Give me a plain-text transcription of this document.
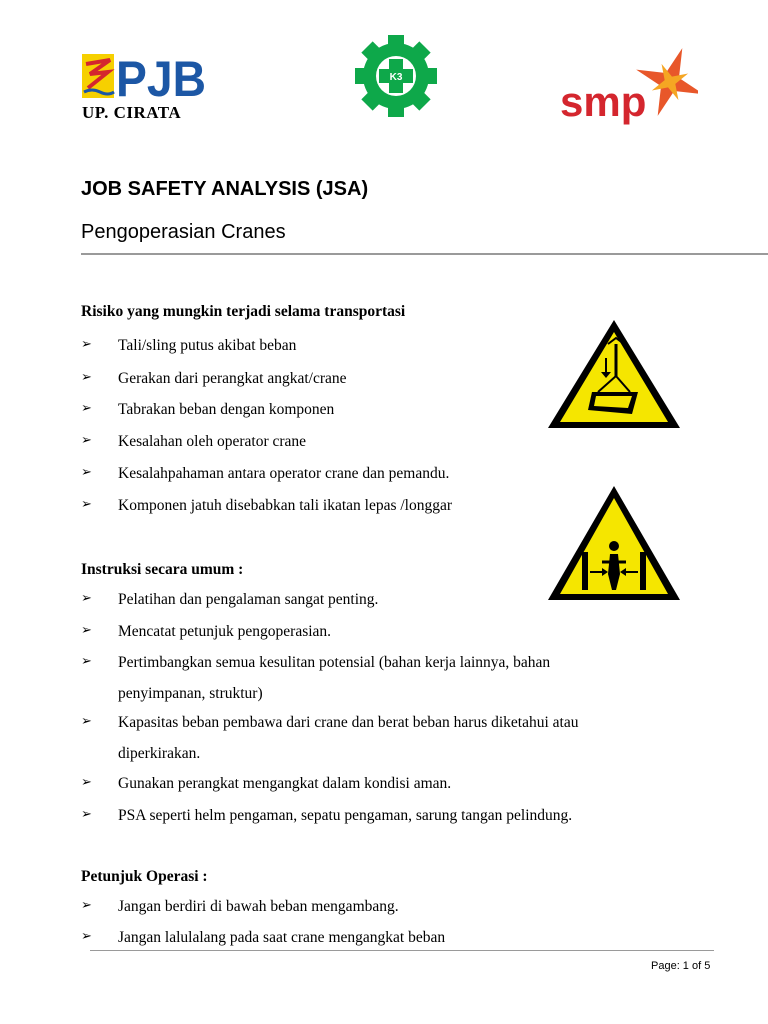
PJB
UP. CIRATA
K3
smp
JOB SAFETY ANALYSIS (JSA)
Pengoperasian Cranes
Risiko yang mungkin terjadi selama transportasi
➢ Tali/sling putus akibat beban
➢ Gerakan dari perangkat angkat/crane
➢ Tabrakan beban dengan komponen
➢ Kesalahan oleh operator crane
➢ Kesalahpahaman antara operator crane dan pemandu.
➢ Komponen jatuh disebabkan tali ikatan lepas /longgar
Instruksi secara umum :
➢ Pelatihan dan pengalaman sangat penting.
➢ Mencatat petunjuk pengoperasian.
➢ Pertimbangkan semua kesulitan potensial (bahan kerja lainnya, bahan
penyimpanan, struktur)
➢ Kapasitas beban pembawa dari crane dan berat beban harus diketahui atau
diperkirakan.
➢ Gunakan perangkat mengangkat dalam kondisi aman.
➢ PSA seperti helm pengaman, sepatu pengaman, sarung tangan pelindung.
Petunjuk Operasi :
➢ Jangan berdiri di bawah beban mengambang.
➢ Jangan lalulalang pada saat crane mengangkat beban
Page: 1 of 5
